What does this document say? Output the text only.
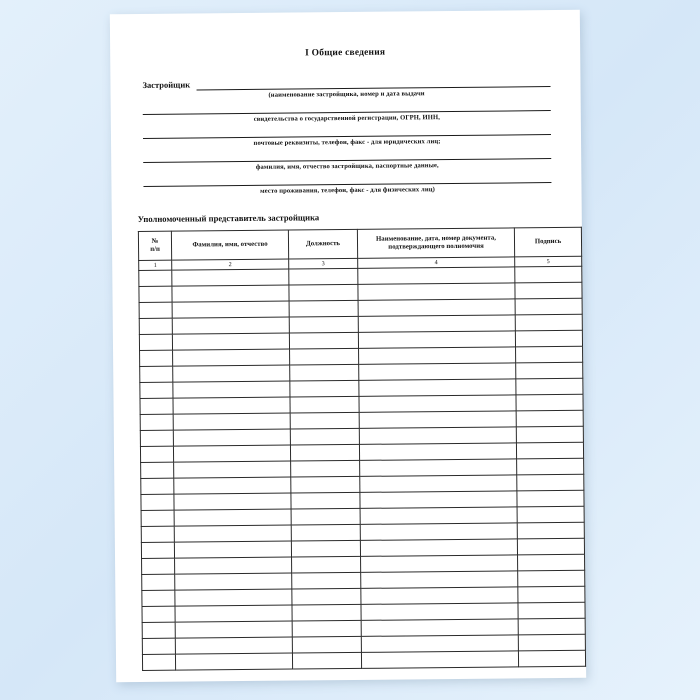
I Общие сведения
Застройщик
(наименование застройщика, номер и дата выдачи
свидетельства о государственной регистрации, ОГРН, ИНН,
почтовые реквизиты, телефон, факс - для юридических лиц;
фамилия, имя, отчество застройщика, паспортные данные,
место проживания, телефон, факс - для физических лиц)
Уполномоченный представитель застройщика
№
п/п	Фамилия, имя, отчество	Должность	Наименование, дата, номер документа,
подтверждающего полномочия	Подпись
1	2	3	4	5
